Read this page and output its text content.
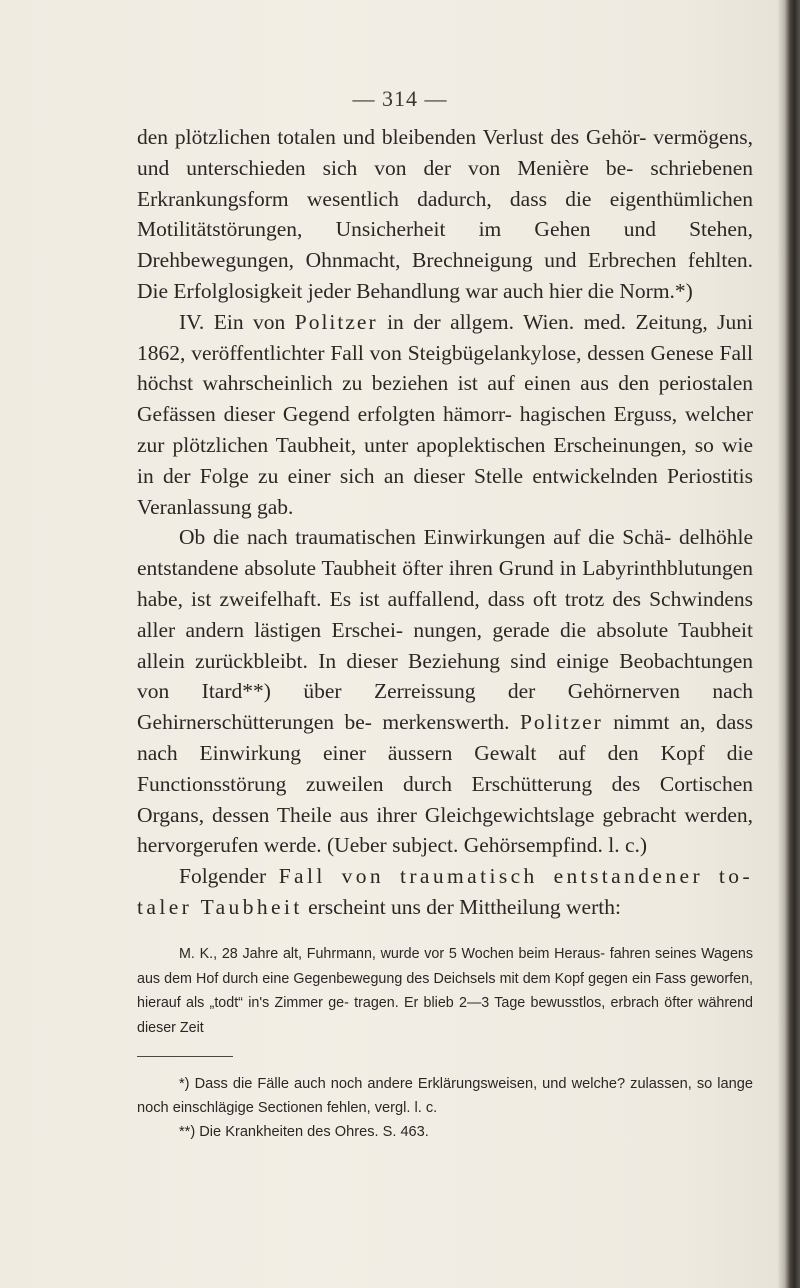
— 314 —

den plötzlichen totalen und bleibenden Verlust des Gehör- vermögens, und unterschieden sich von der von Menière be- schriebenen Erkrankungsform wesentlich dadurch, dass die eigenthümlichen Motilitätstörungen, Unsicherheit im Gehen und Stehen, Drehbewegungen, Ohnmacht, Brechneigung und Erbrechen fehlten. Die Erfolglosigkeit jeder Behandlung war auch hier die Norm.*)

IV. Ein von Politzer in der allgem. Wien. med. Zeitung, Juni 1862, veröffentlichter Fall von Steigbügelankylose, dessen Genese Fall höchst wahrscheinlich zu beziehen ist auf einen aus den periostalen Gefässen dieser Gegend erfolgten hämorr- hagischen Erguss, welcher zur plötzlichen Taubheit, unter apoplektischen Erscheinungen, so wie in der Folge zu einer sich an dieser Stelle entwickelnden Periostitis Veranlassung gab.

Ob die nach traumatischen Einwirkungen auf die Schä- delhöhle entstandene absolute Taubheit öfter ihren Grund in Labyrinthblutungen habe, ist zweifelhaft. Es ist auffallend, dass oft trotz des Schwindens aller andern lästigen Erschei- nungen, gerade die absolute Taubheit allein zurückbleibt. In dieser Beziehung sind einige Beobachtungen von Itard**) über Zerreissung der Gehörnerven nach Gehirnerschütterungen be- merkenswerth. Politzer nimmt an, dass nach Einwirkung einer äussern Gewalt auf den Kopf die Functionsstörung zuweilen durch Erschütterung des Cortischen Organs, dessen Theile aus ihrer Gleichgewichtslage gebracht werden, hervorgerufen werde. (Ueber subject. Gehörsempfind. l. c.)

Folgender Fall von traumatisch entstandener to- taler Taubheit erscheint uns der Mittheilung werth:

M. K., 28 Jahre alt, Fuhrmann, wurde vor 5 Wochen beim Heraus- fahren seines Wagens aus dem Hof durch eine Gegenbewegung des Deichsels mit dem Kopf gegen ein Fass geworfen, hierauf als „todt“ in's Zimmer ge- tragen. Er blieb 2—3 Tage bewusstlos, erbrach öfter während dieser Zeit

*) Dass die Fälle auch noch andere Erklärungsweisen, und welche? zulassen, so lange noch einschlägige Sectionen fehlen, vergl. l. c.

**) Die Krankheiten des Ohres. S. 463.
